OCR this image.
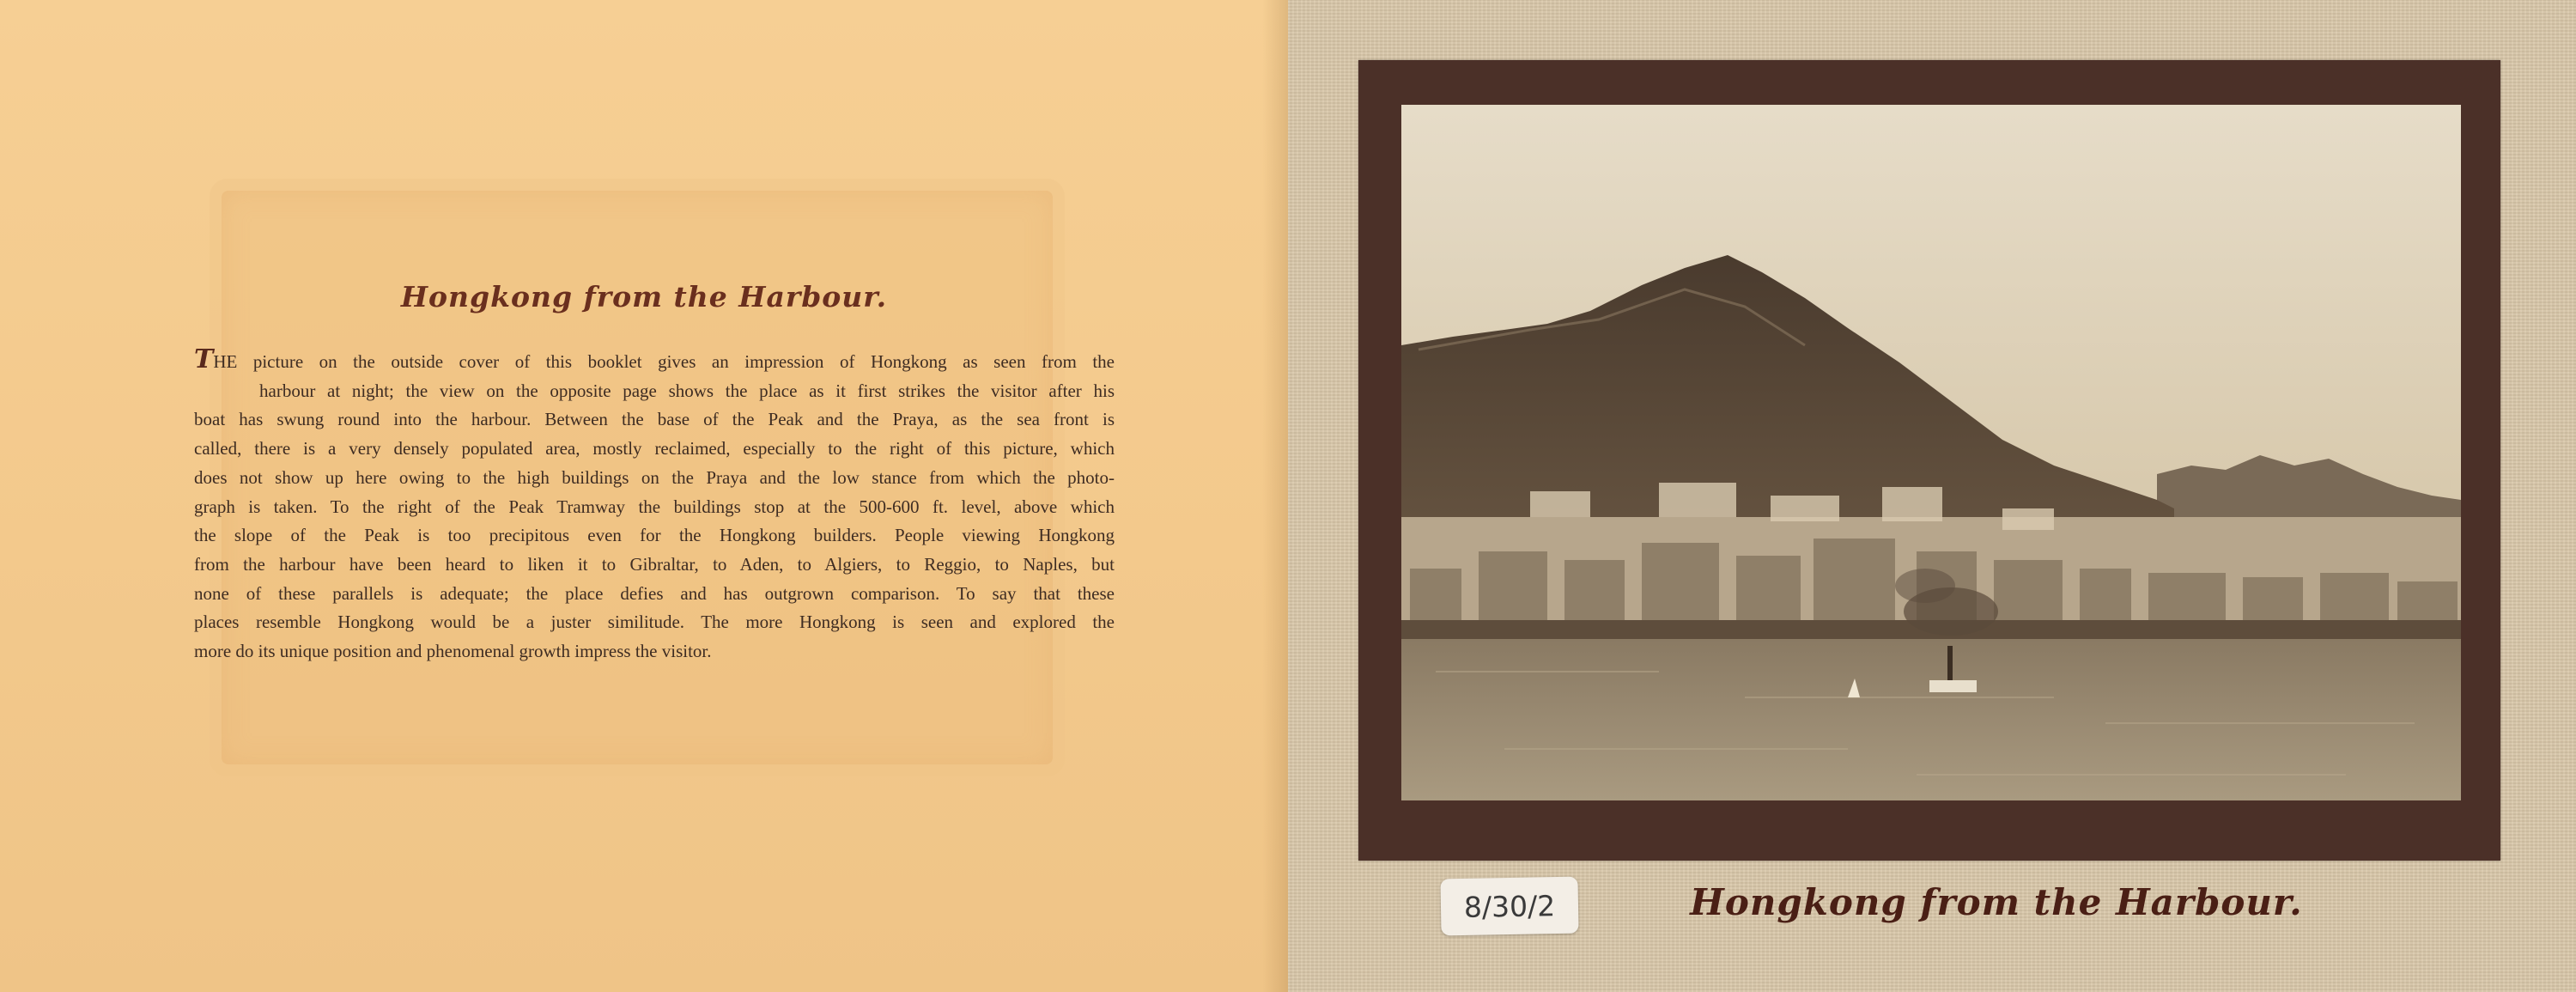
Hongkong from the Harbour.
THE picture on the outside cover of this booklet gives an impression of Hongkong as seen from the
harbour at night; the view on the opposite page shows the place as it first strikes the visitor after his
boat has swung round into the harbour. Between the base of the Peak and the Praya, as the sea front is
called, there is a very densely populated area, mostly reclaimed, especially to the right of this picture, which
does not show up here owing to the high buildings on the Praya and the low stance from which the photo-
graph is taken. To the right of the Peak Tramway the buildings stop at the 500-600 ft. level, above which
the slope of the Peak is too precipitous even for the Hongkong builders. People viewing Hongkong
from the harbour have been heard to liken it to Gibraltar, to Aden, to Algiers, to Reggio, to Naples, but
none of these parallels is adequate; the place defies and has outgrown comparison. To say that these
places resemble Hongkong would be a juster similitude. The more Hongkong is seen and explored the
more do its unique position and phenomenal growth impress the visitor.
8/30/2	Hongkong from the Harbour.
